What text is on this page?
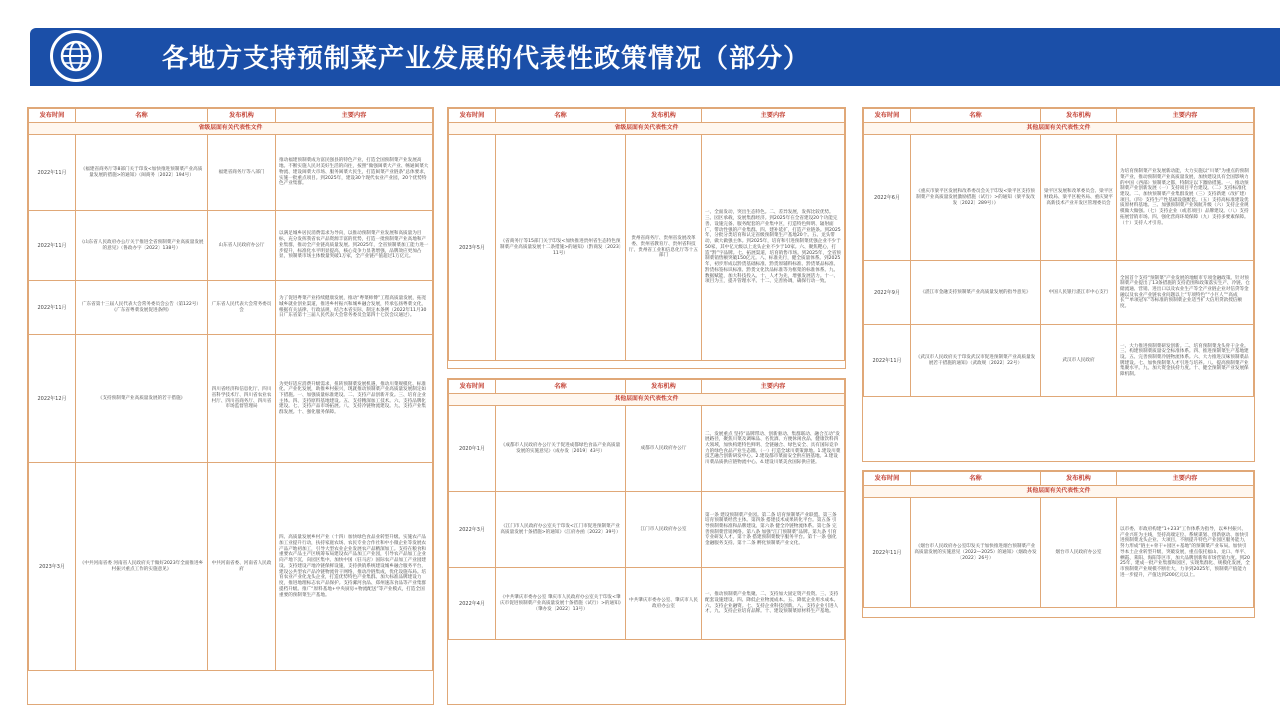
各地方支持预制菜产业发展的代表性政策情况（部分）
发布时间	名称	发布机构	主要内容
省级层面有关代表性文件			
2022年11月	《福建省商务厅等8部门关于印发<加快推进预制菜产业高质量发展的措施>的通知》（闽商务〔2022〕194号）	福建省商务厅等八部门	推动福建预制菜成为富民强县的特色产业，打造全国预制菜产业发展高地。不断实施人民对美好生活的向往，按照“做强闽菜大产业、畅通闽菜大物流、建设闽菜大市场、服务闽菜大民生，打造闽菜产业链条”总体要求，实施一批重点项目。到2025年，建设30个现代农业产业园，20个优势特色产业集群。
2022年11月	《山东省人民政府办公厅关于推进全省预制菜产业高质量发展的意见》（鲁政办字〔2022〕138号）	山东省人民政府办公厅	以满足城乡居民消费需求为导向，以推动预制菜产业发展和高质量为目标，充分发挥我省农产品资源丰富的优势，打造一批预制菜产业高地和产业集群，推动全产业链高质量发展。到2025年，全省预制菜加工能力进一步提升，标准化水平明显提高，核心竞争力显著增强，品牌效应更加凸显，预制菜市场主体数量突破1万家，全产业链产值超过1万亿元。
2022年11月	广东省第十三届人民代表大会常务委员会公告（第122号）《广东省粤菜发展促进条例》	广东省人民代表大会常务委员会	为了促进粤菜产业持续健康发展，推动“粤菜师傅”工程高质量发展，拓宽城乡就业创业渠道，推进乡村振兴和城乡融合发展，传承弘扬粤菜文化，根据有关法律、行政法规，结合本省实际，制定本条例（2022年11月30日广东省第十三届人民代表大会常务委员会第四十七次会议通过）。
2022年12月	《支持预制菜产业高质量发展的若干措施》	四川省经济和信息化厅、四川省科学技术厅、四川省农业农村厅、四川省商务厅、四川省市场监督管理局	为更好适应消费升级需求，扭转预制菜发展机遇，推动川菜规模化、标准化、产业化发展，助推乡村振兴，现就推动预制菜产业高质量发展制定如下措施。一、加强质量标准建设。二、支持产品创新开发。三、培育企业主体。四、支持原料基地建设。五、支持精深加工技术。六、支持品牌化建设。七、支持产品市场拓展。八、支持冷链物流建设。九、支持产业集群发展。十、强化服务保障。
2023年3月	《中共河南省委 河南省人民政府关于做好2023年全面推进乡村振兴重点工作的实施意见》	中共河南省委、河南省人民政府	四、高质量发展乡村产业（十四）加快绿色食品业转型升级。实施农产品加工业提升行动，扶持家庭农场、农民专业合作社和中小微企业等发展农产品产地初加工，引导大型农业企业发展农产品精深加工。支持在粮食和重要农产品主产区统筹布局建设农产品加工产业园，引导农产品加工企业向产地下沉，向园区集中。加快中国（驻马店）国际农产品加工产业园建设。支持建设产地冷链保鲜设施，支持供销系统建设城乡融合服务平台，建设公共型农产品冷链物流骨干网络，推动冷链集成，优化设施布局。培育农业产业化龙头企业，打造优势特色产业集群。加大标准品牌建设力度，推进地理标志农产品保护。支持漯河食品、郑州速冻食品等产业集群提档升级。推广“原料基地+中央厨房+物流配送”等产业模式，打造全国重要的预制菜生产基地。
发布时间	名称	发布机构	主要内容
省级层面有关代表性文件			
2023年5月	《省商务厅等15部门关于印发<加快推进贵州省生态特色预制菜产业高质量发展十二条措施>的通知》（黔商发〔2023〕11号）	贵州省商务厅、贵州省发展改革委、贵州省教育厅、贵州省科技厅、贵州省工业和信息化厅等十五部门	一、全面发动，突出生态特色。二、差异发展，发挥比较优势。三、园区承载，发展集群经济。到2025年在全省建设20个功能完善、设施完备、服务配套的产业集中区，打造特色鲜明、辐射面广、带动性强的产业集群。四、建补延扩，打造产业链条。到2025年，分批分类培育和认定省级预制菜生产基地20个。五、龙头带动，做大做强主体。到2025年，培育和引进预制菜优强企业不少于50家，其中亿元级以上龙头企业不少于10家。六、聚焦靶心，打造“黔”字品牌。七、拓展渠道，培育销售市场。到2025年，全省预制菜销售额突破150亿元。八、标准先行，健全质量体系。到2025年，初步形成以黔货基础标准、黔货原辅料标准、黔货菜品标准、黔货标签标识标准、黔货文化饮品标准等为框架的标准体系。九、数据赋能，加大科技投入。十、人才为先，增强发展活力。十一、项目为王，提升管理水平。十二、完善协调，确保行动一致。
发布时间	名称	发布机构	主要内容
其他层面有关代表性文件			
2020年1月	《成都市人民政府办公厅关于促进成都绿色食品产业高质量发展的实施意见》（成办发〔2019〕43号）	成都市人民政府办公厅	二、发展重点 坚持“品牌带动、创新驱动、集群联动、融合互动”发展路径，聚焦川菜及调味品、名优酒、方便休闲食品、健康饮料四大领域，加快构建特色鲜明、全链融合、绿色安全、具有国际竞争力的绿色食品产业生态圈。（一）打造全球川菜策源地。1.建设川菜技艺融合创新研发中心。2.建设都市菜面安全供应链基地。3.建设川菜品质供应链物流中心。4.建设川菜美食国际供应链。
2022年3月	《江门市人民政府办公室关于印发<江门市促进预制菜产业高质量发展十条措施>的通知》（江府办函〔2022〕39号）	江门市人民政府办公室	第一条 建设预制菜产业园。第二条 培育预制菜产业联盟。第三条 培育预制菜经营主体。第四条 搭建技术成果转化平台。第五条 引导预制菜标准和品牌建设。第六条 健全冷链物流体系。第七条 完善预制菜营销网络。第八条 加强“江门预制菜”品牌。第九条 引育专业研发人才。第十条 搭建预制菜数字服务平台。第十一条 强化金融服务支持。第十二条 孵化预制菜产业文化。
2022年4月	《中共肇庆市委办公室 肇庆市人民政府办公室关于印发<肇庆市促进预制菜产业高质量发展十条措施（试行）>的通知》（肇办发〔2022〕13号）	中共肇庆市委办公室、肇庆市人民政府办公室	一、推动预制菜产业集聚。二、支持加大固定资产投资。三、支持配套设施建设。四、降低企业物流成本。五、降低企业用水成本。六、支持企业融资。七、支持企业科技创新。八、支持企业引进人才。九、支持企业培育品牌。十、建设预制菜原材料生产基地。
发布时间	名称	发布机构	主要内容
其他层面有关代表性文件			
2022年6月	《重庆市梁平区发展和改革委员会关于印发<梁平区支持预制菜产业高质量发展激励措施（试行）>的通知（梁平发改发〔2022〕289号）》	梁平区发展和改革委员会、梁平区财政局、梁平区税务局、重庆梁平高新技术产业开发区管理委员会	为培育预制菜产业发展新动能，大力实施以“川菜”为重点的预制菜产业，推动预制菜产业高质量发展，加快建设具有全国影响力的中国（西部）预制菜之都，特制定以下激励措施。一、推动预制菜产业创新发展（一）支持项目平台建设。（二）支持标准化建设。二、加快预制菜产业集群发展（三）支持新建（改扩建）项目。（四）支持生产性基础设施配套。（五）支持高标准建设优质原材料基地。三、加强预制菜产业领航升级（六）支持企业规模做大做强。（七）支持企业（或者项目）品牌建设。（八）支持拓展营销市场。四、强化营商环境保障（九）支持多要素保障。（十）支持人才引育。
2022年9月	《湛江市金融支持预制菜产业高质量发展的指导意见》	中国人民银行湛江市中心支行	全国首个支持“预制菜”产业发展的地级市专项金融政策。针对预制菜产业提出了13条措施的支持范围和政策落实生产、冷链、仓储流通、营销、进出口以及农业生产等全产业链企业对信贷等金融以及农业产业链农业问题以上“专项特色”“小巨人”“高成长”“单项冠军”等标准的预制菜企业适当扩大信用贷款授信额度。
2022年11月	《武汉市人民政府关于印发武汉市促进预制菜产业高质量发展若干措施的通知》（武政规〔2022〕22号）	武汉市人民政府	一、大力推进预制菜研发创新。二、培育预制菜龙头骨干企业。三、构建预制菜质量安全标准体系。四、推进预制菜生产基地建设。五、完善预制菜冷链物流体系。六、大力推进汉味预制菜品牌建设。七、加快预制菜人才引进与培养。八、提高预制菜产业集聚水平。九、加大资金扶持力度。十、健全预制菜产业发展保障机制。
发布时间	名称	发布机构	主要内容
其他层面有关代表性文件			
2022年11月	《烟台市人民政府办公室印发关于加快推进烟台预制菜产业高质量发展的实施意见（2022—2025）的通知》（烟政办发〔2022〕26号）	烟台市人民政府办公室	以市委、市政府构建“1+233”工作体系为指导，以乡村振兴、产业兴旺为主线，坚持高端定位、系统谋划、创新驱动、加快引进预制菜龙头企业、大项目，不断提升特色产业园区服务能力，努力形成“链主+骨干+园区+基地”的预制菜产业布局。加快引导本土企业转型升级，突破发展，重点依托福山、龙口、牟平、栖霞、莱阳、海阳等区市，加大品牌创新和市场营销力度。到2025年，建成一批产业集群和园区，实现集群化、规模化发展，全市预制菜产业规模不断壮大，力争到2025年，预制菜产值能力进一步提升，产值达到200亿元以上。
